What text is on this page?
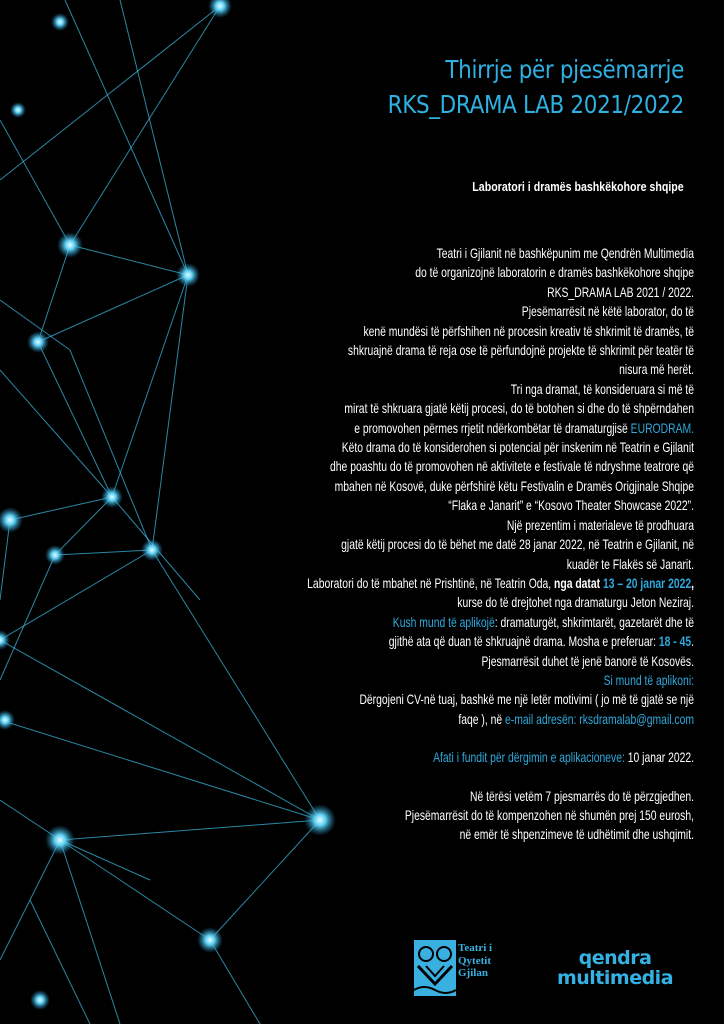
Thirrje për pjesëmarrje
RKS_DRAMA LAB 2021/2022
Laboratori i dramës bashkëkohore shqipe
Teatri i Gjilanit në bashkëpunim me Qendrën Multimedia
do të organizojnë laboratorin e dramës bashkëkohore shqipe
RKS_DRAMA LAB 2021 / 2022.
Pjesëmarrësit në këtë laborator, do të
kenë mundësi të përfshihen në procesin kreativ të shkrimit të dramës, të
shkruajnë drama të reja ose të përfundojnë projekte të shkrimit për teatër të
nisura më herët.
Tri nga dramat, të konsideruara si më të
mirat të shkruara gjatë këtij procesi, do të botohen si dhe do të shpërndahen
e promovohen përmes rrjetit ndërkombëtar të dramaturgjisë EURODRAM.
Këto drama do të konsiderohen si potencial për inskenim në Teatrin e Gjilanit
dhe poashtu do të promovohen në aktivitete e festivale të ndryshme teatrore që
mbahen në Kosovë, duke përfshirë këtu Festivalin e Dramës Origjinale Shqipe
“Flaka e Janarit” e “Kosovo Theater Showcase 2022”.
Një prezentim i materialeve të prodhuara
gjatë këtij procesi do të bëhet me datë 28 janar 2022, në Teatrin e Gjilanit, në
kuadër te Flakës së Janarit.
Laboratori do të mbahet në Prishtinë, në Teatrin Oda, nga datat 13 – 20 janar 2022,
kurse do të drejtohet nga dramaturgu Jeton Neziraj.
Kush mund të aplikojë: dramaturgët, shkrimtarët, gazetarët dhe të
gjithë ata që duan të shkruajnë drama. Mosha e preferuar: 18 - 45.
Pjesmarrësit duhet të jenë banorë të Kosovës.
Si mund të aplikoni:
Dërgojeni CV-në tuaj, bashkë me një letër motivimi ( jo më të gjatë se një
faqe ), në e-mail adresën: rksdramalab@gmail.com
Afati i fundit për dërgimin e aplikacioneve: 10 janar 2022.
Në tërësi vetëm 7 pjesmarrës do të përzgjedhen.
Pjesëmarrësit do të kompenzohen në shumën prej 150 eurosh,
në emër të shpenzimeve të udhëtimit dhe ushqimit.
Teatri i
Qytetit
Gjilan
qendra
multimedia
